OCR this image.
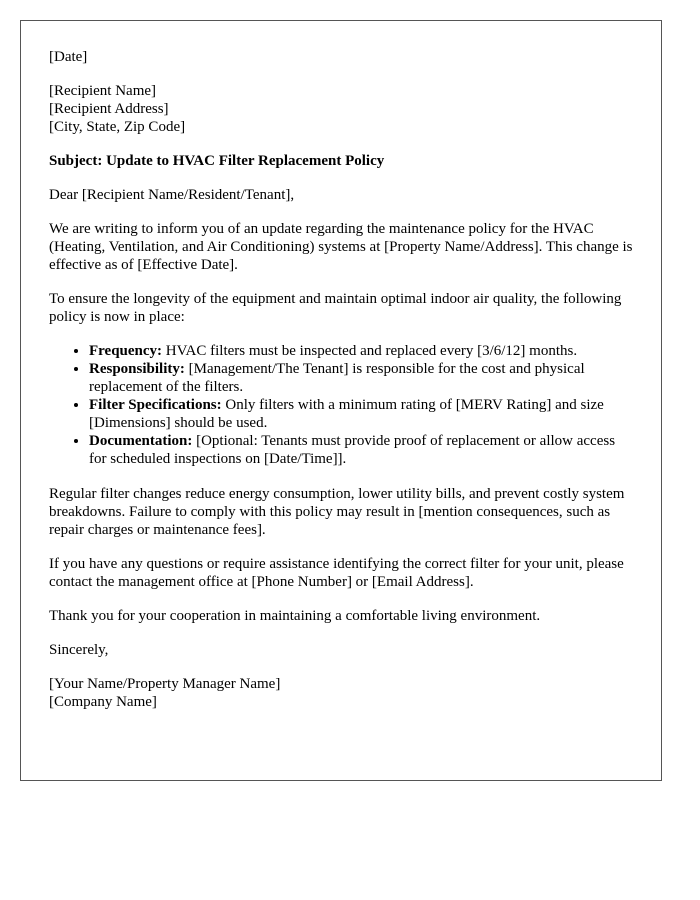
[Date]
[Recipient Name]
[Recipient Address]
[City, State, Zip Code]
Subject: Update to HVAC Filter Replacement Policy
Dear [Recipient Name/Resident/Tenant],
We are writing to inform you of an update regarding the maintenance policy for the HVAC (Heating, Ventilation, and Air Conditioning) systems at [Property Name/Address]. This change is effective as of [Effective Date].
To ensure the longevity of the equipment and maintain optimal indoor air quality, the following policy is now in place:
• Frequency: HVAC filters must be inspected and replaced every [3/6/12] months.
• Responsibility: [Management/The Tenant] is responsible for the cost and physical replacement of the filters.
• Filter Specifications: Only filters with a minimum rating of [MERV Rating] and size [Dimensions] should be used.
• Documentation: [Optional: Tenants must provide proof of replacement or allow access for scheduled inspections on [Date/Time]].
Regular filter changes reduce energy consumption, lower utility bills, and prevent costly system breakdowns. Failure to comply with this policy may result in [mention consequences, such as repair charges or maintenance fees].
If you have any questions or require assistance identifying the correct filter for your unit, please contact the management office at [Phone Number] or [Email Address].
Thank you for your cooperation in maintaining a comfortable living environment.
Sincerely,
[Your Name/Property Manager Name]
[Company Name]
